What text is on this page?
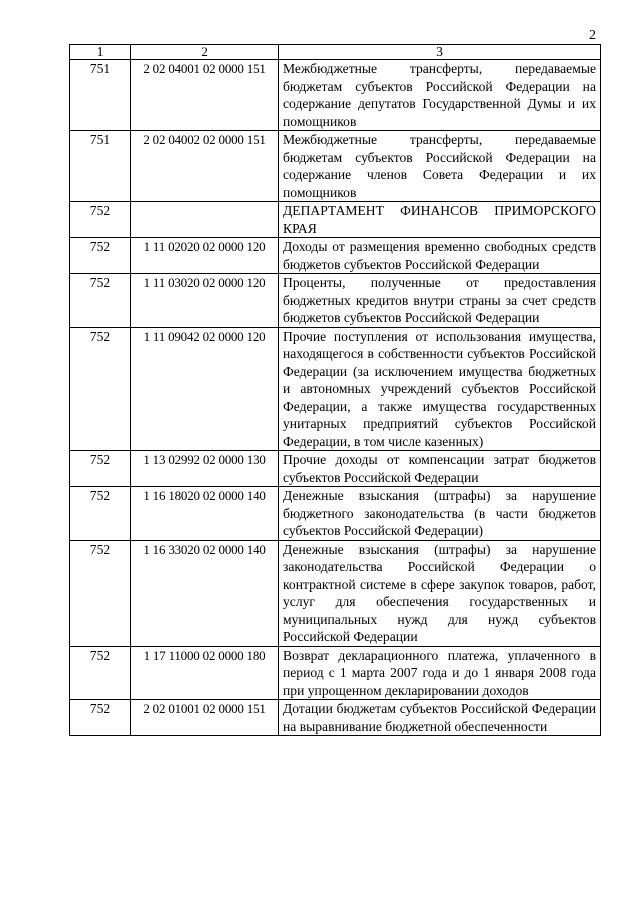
2
1	2	3
751	2 02 04001 02 0000 151	Межбюджетные трансферты, передаваемые бюджетам субъектов Российской Федерации на содержание депутатов Государственной Думы и их помощников
751	2 02 04002 02 0000 151	Межбюджетные трансферты, передаваемые бюджетам субъектов Российской Федерации на содержание членов Совета Федерации и их помощников
752		ДЕПАРТАМЕНТ ФИНАНСОВ ПРИМОРСКОГО КРАЯ
752	1 11 02020 02 0000 120	Доходы от размещения временно свободных средств бюджетов субъектов Российской Федерации
752	1 11 03020 02 0000 120	Проценты, полученные от предоставления бюджетных кредитов внутри страны за счет средств бюджетов субъектов Российской Федерации
752	1 11 09042 02 0000 120	Прочие поступления от использования имущества, находящегося в собственности субъектов Российской Федерации (за исключением имущества бюджетных и автономных учреждений субъектов Российской Федерации, а также имущества государственных унитарных предприятий субъектов Российской Федерации, в том числе казенных)
752	1 13 02992 02 0000 130	Прочие доходы от компенсации затрат бюджетов субъектов Российской Федерации
752	1 16 18020 02 0000 140	Денежные взыскания (штрафы) за нарушение бюджетного законодательства (в части бюджетов субъектов Российской Федерации)
752	1 16 33020 02 0000 140	Денежные взыскания (штрафы) за нарушение законодательства Российской Федерации о контрактной системе в сфере закупок товаров, работ, услуг для обеспечения государственных и муниципальных нужд для нужд субъектов Российской Федерации
752	1 17 11000 02 0000 180	Возврат декларационного платежа, уплаченного в период с 1 марта 2007 года и до 1 января 2008 года при упрощенном декларировании доходов
752	2 02 01001 02 0000 151	Дотации бюджетам субъектов Российской Федерации на выравнивание бюджетной обеспеченности
